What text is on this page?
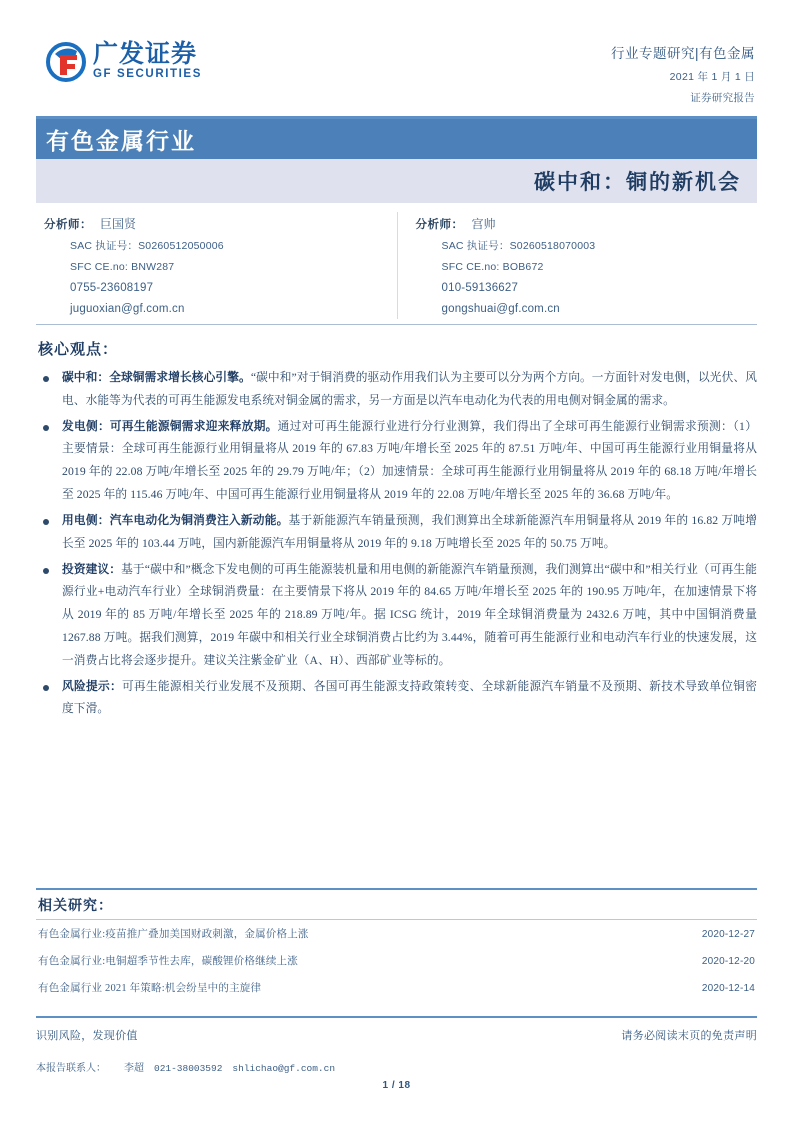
广发证券
GF SECURITIES
行业专题研究|有色金属
2021 年 1 月 1 日
证券研究报告
有色金属行业
碳中和：铜的新机会
分析师： 巨国贤
SAC 执证号：S0260512050006
SFC CE.no: BNW287
0755-23608197
juguoxian@gf.com.cn
分析师： 宫帅
SAC 执证号：S0260518070003
SFC CE.no: BOB672
010-59136627
gongshuai@gf.com.cn
核心观点：
碳中和：全球铜需求增长核心引擎。“碳中和”对于铜消费的驱动作用我们认为主要可以分为两个方向。一方面针对发电侧，以光伏、风电、水能等为代表的可再生能源发电系统对铜金属的需求，另一方面是以汽车电动化为代表的用电侧对铜金属的需求。
发电侧：可再生能源铜需求迎来释放期。通过对可再生能源行业进行分行业测算，我们得出了全球可再生能源行业铜需求预测：（1）主要情景：全球可再生能源行业用铜量将从 2019 年的 67.83 万吨/年增长至 2025 年的 87.51 万吨/年、中国可再生能源行业用铜量将从 2019 年的 22.08 万吨/年增长至 2025 年的 29.79 万吨/年；（2）加速情景：全球可再生能源行业用铜量将从 2019 年的 68.18 万吨/年增长至 2025 年的 115.46 万吨/年、中国可再生能源行业用铜量将从 2019 年的 22.08 万吨/年增长至 2025 年的 36.68 万吨/年。
用电侧：汽车电动化为铜消费注入新动能。基于新能源汽车销量预测，我们测算出全球新能源汽车用铜量将从 2019 年的 16.82 万吨增长至 2025 年的 103.44 万吨，国内新能源汽车用铜量将从 2019 年的 9.18 万吨增长至 2025 年的 50.75 万吨。
投资建议：基于“碳中和”概念下发电侧的可再生能源装机量和用电侧的新能源汽车销量预测，我们测算出“碳中和”相关行业（可再生能源行业+电动汽车行业）全球铜消费量：在主要情景下将从 2019 年的 84.65 万吨/年增长至 2025 年的 190.95 万吨/年，在加速情景下将从 2019 年的 85 万吨/年增长至 2025 年的 218.89 万吨/年。据 ICSG 统计，2019 年全球铜消费量为 2432.6 万吨，其中中国铜消费量 1267.88 万吨。据我们测算，2019 年碳中和相关行业全球铜消费占比约为 3.44%，随着可再生能源行业和电动汽车行业的快速发展，这一消费占比将会逐步提升。建议关注紫金矿业（A、H）、西部矿业等标的。
风险提示：可再生能源相关行业发展不及预期、各国可再生能源支持政策转变、全球新能源汽车销量不及预期、新技术导致单位铜密度下滑。
相关研究：
有色金属行业:疫苗推广叠加美国财政刺激，金属价格上涨	2020-12-27
有色金属行业:电铜超季节性去库，碳酸锂价格继续上涨	2020-12-20
有色金属行业 2021 年策略:机会纷呈中的主旋律	2020-12-14
识别风险，发现价值	请务必阅读末页的免责声明
本报告联系人：	李超 021-38003592 shlichao@gf.com.cn
1 / 18
